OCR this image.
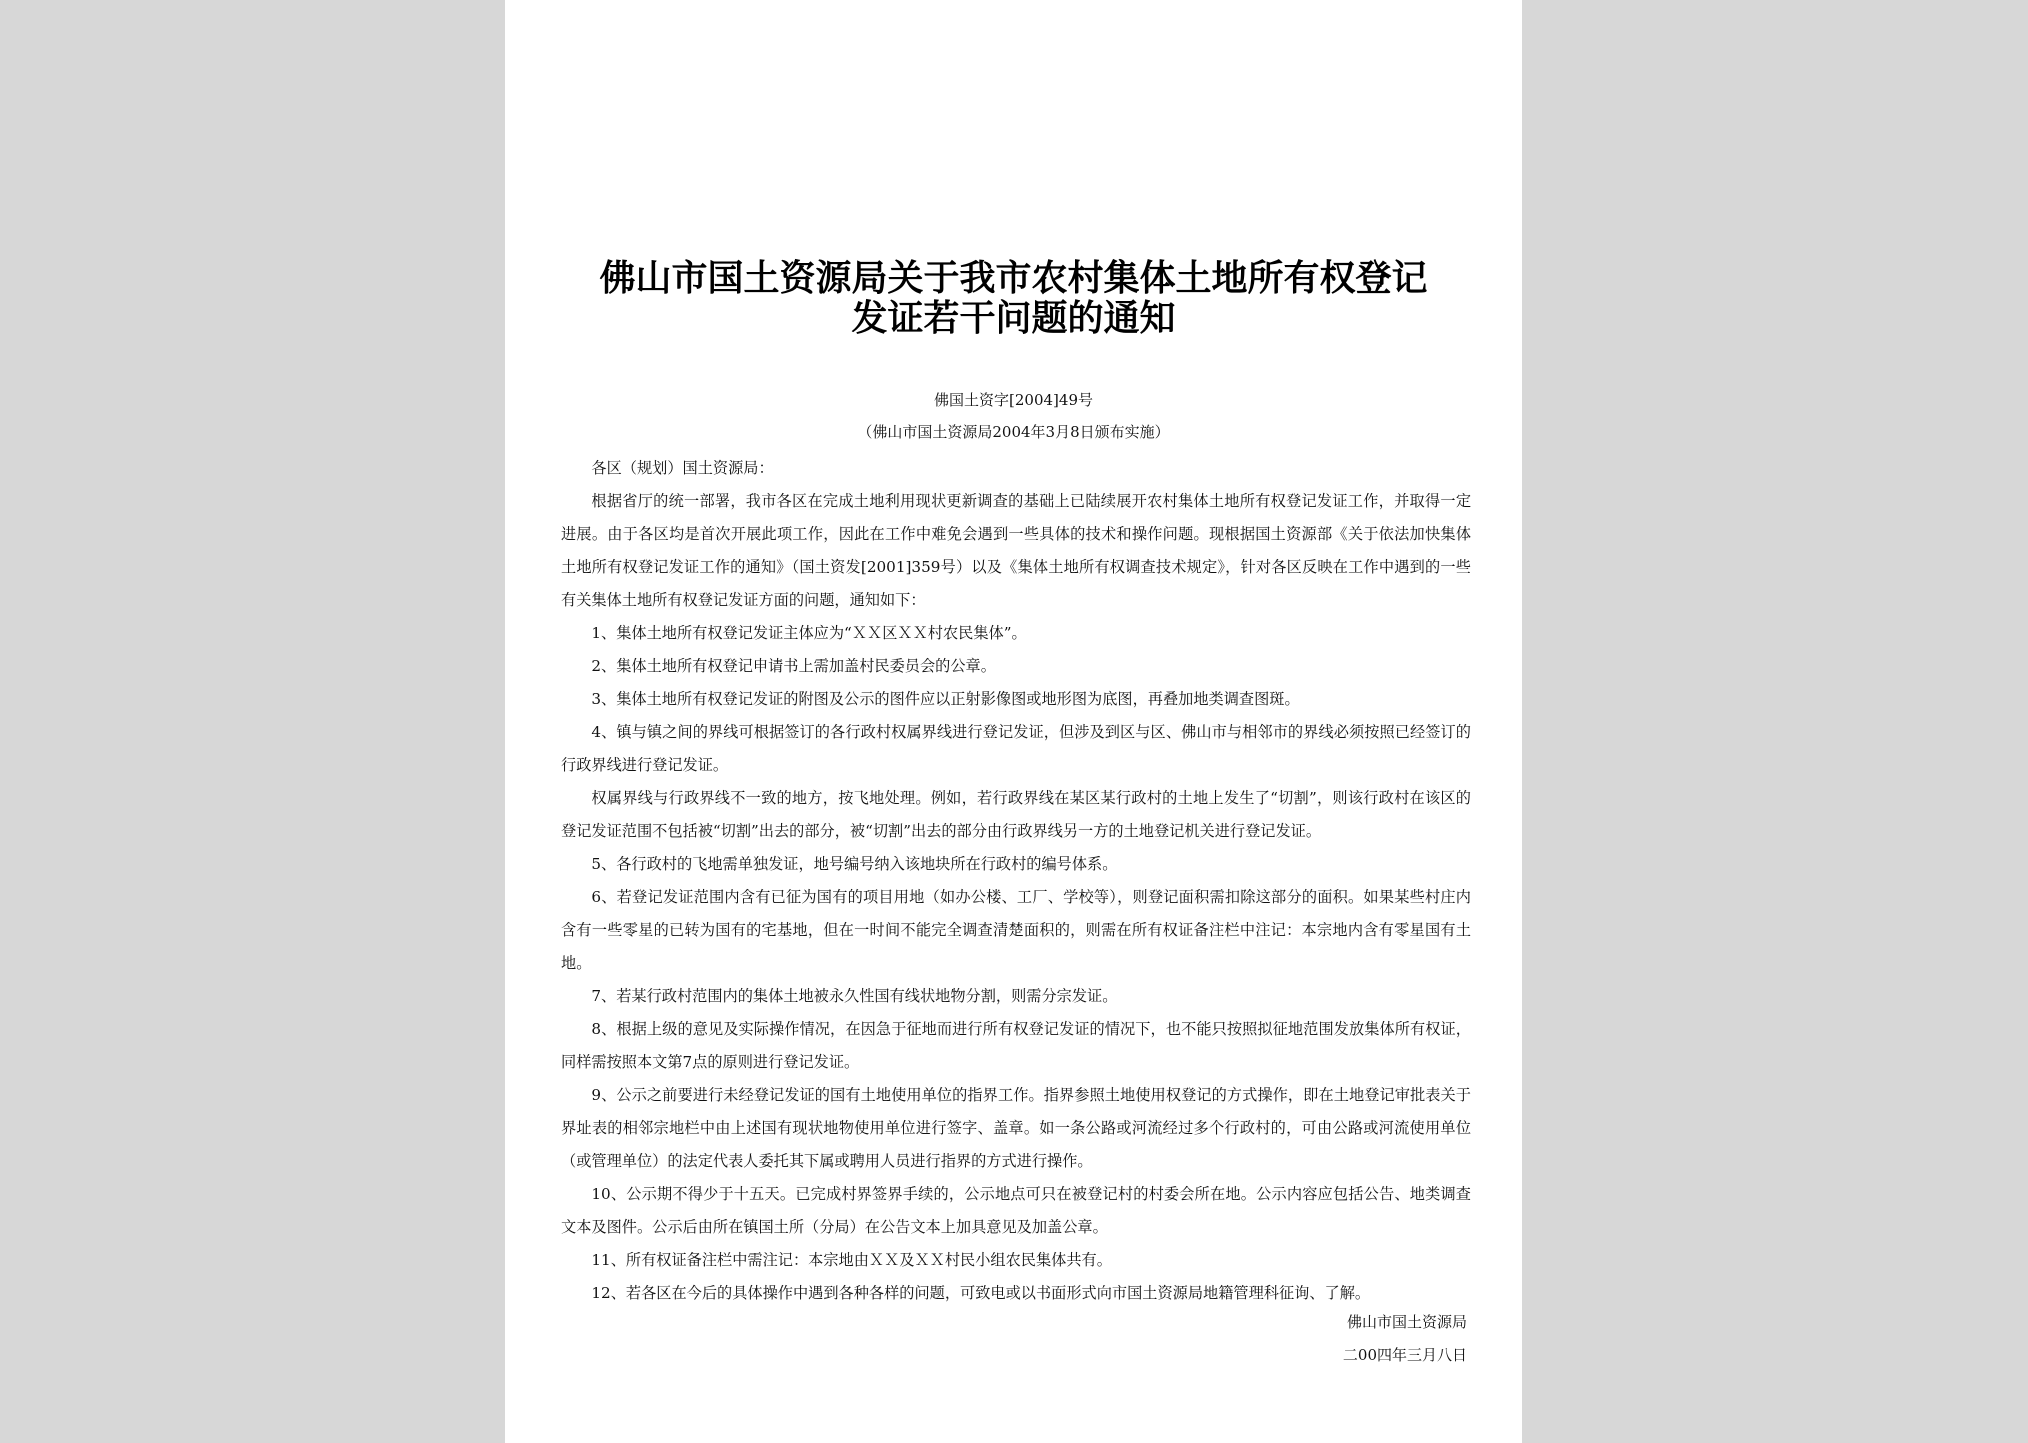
佛山市国土资源局关于我市农村集体土地所有权登记
发证若干问题的通知
佛国土资字[2004]49号
（佛山市国土资源局2004年3月8日颁布实施）

各区（规划）国土资源局：

根据省厅的统一部署，我市各区在完成土地利用现状更新调查的基础上已陆续展开农村集体土地所有权登记发证工作，并取得一定进展。由于各区均是首次开展此项工作，因此在工作中难免会遇到一些具体的技术和操作问题。现根据国土资源部《关于依法加快集体土地所有权登记发证工作的通知》（国土资发[2001]359号）以及《集体土地所有权调查技术规定》，针对各区反映在工作中遇到的一些有关集体土地所有权登记发证方面的问题，通知如下：

1、集体土地所有权登记发证主体应为“ＸＸ区ＸＸ村农民集体”。

2、集体土地所有权登记申请书上需加盖村民委员会的公章。

3、集体土地所有权登记发证的附图及公示的图件应以正射影像图或地形图为底图，再叠加地类调查图斑。

4、镇与镇之间的界线可根据签订的各行政村权属界线进行登记发证，但涉及到区与区、佛山市与相邻市的界线必须按照已经签订的行政界线进行登记发证。

权属界线与行政界线不一致的地方，按飞地处理。例如，若行政界线在某区某行政村的土地上发生了“切割”，则该行政村在该区的登记发证范围不包括被“切割”出去的部分，被“切割”出去的部分由行政界线另一方的土地登记机关进行登记发证。

5、各行政村的飞地需单独发证，地号编号纳入该地块所在行政村的编号体系。

6、若登记发证范围内含有已征为国有的项目用地（如办公楼、工厂、学校等），则登记面积需扣除这部分的面积。如果某些村庄内含有一些零星的已转为国有的宅基地，但在一时间不能完全调查清楚面积的，则需在所有权证备注栏中注记：本宗地内含有零星国有土地。

7、若某行政村范围内的集体土地被永久性国有线状地物分割，则需分宗发证。

8、根据上级的意见及实际操作情况，在因急于征地而进行所有权登记发证的情况下，也不能只按照拟征地范围发放集体所有权证，同样需按照本文第7点的原则进行登记发证。

9、公示之前要进行未经登记发证的国有土地使用单位的指界工作。指界参照土地使用权登记的方式操作，即在土地登记审批表关于界址表的相邻宗地栏中由上述国有现状地物使用单位进行签字、盖章。如一条公路或河流经过多个行政村的，可由公路或河流使用单位（或管理单位）的法定代表人委托其下属或聘用人员进行指界的方式进行操作。

10、公示期不得少于十五天。已完成村界签界手续的，公示地点可只在被登记村的村委会所在地。公示内容应包括公告、地类调查文本及图件。公示后由所在镇国土所（分局）在公告文本上加具意见及加盖公章。

11、所有权证备注栏中需注记：本宗地由ＸＸ及ＸＸ村民小组农民集体共有。

12、若各区在今后的具体操作中遇到各种各样的问题，可致电或以书面形式向市国土资源局地籍管理科征询、了解。

佛山市国土资源局
二00四年三月八日
